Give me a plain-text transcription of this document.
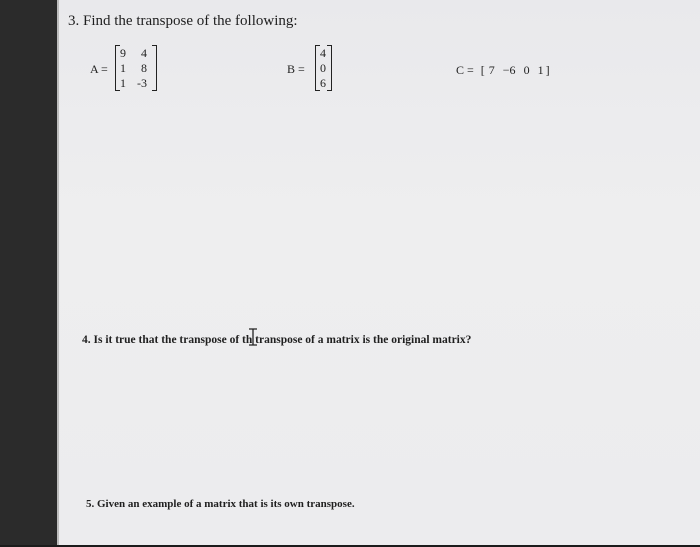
3. Find the transpose of the following:
A =
9 4
1 8
1 -3
B =
4
0
6
C = [ 7 −6 0 1 ]
4. Is it true that the transpose of th
transpose of a matrix is the original matrix?
5. Given an example of a matrix that is its own transpose.
